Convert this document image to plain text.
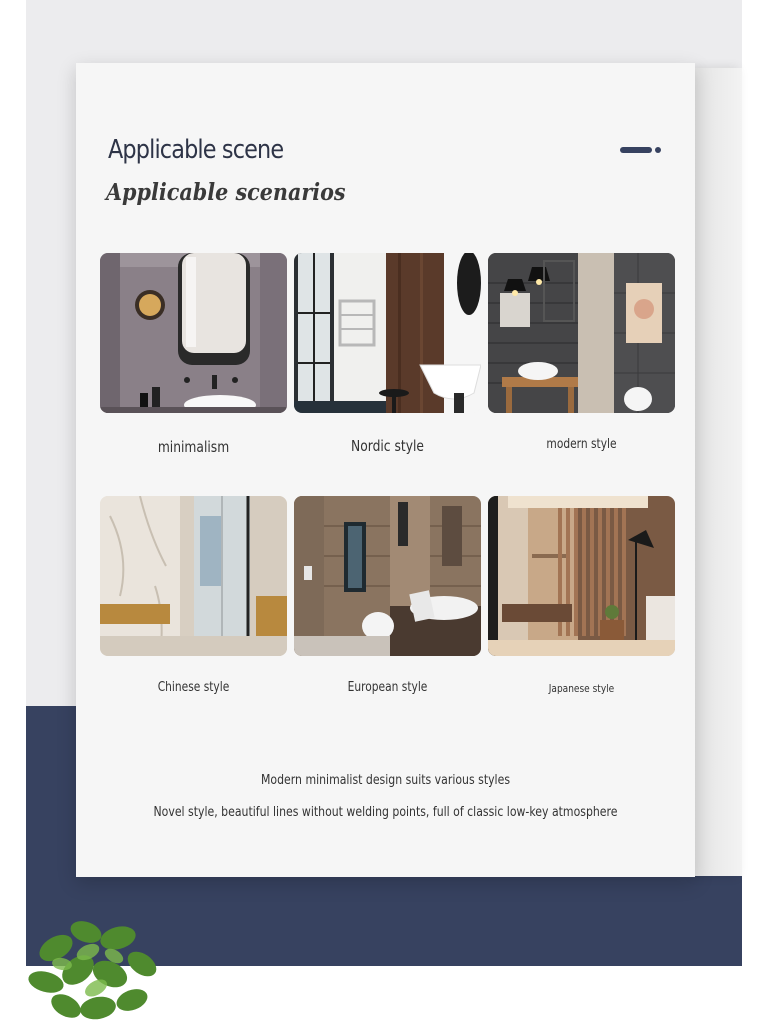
Applicable scene
Applicable scenarios
minimalism	Nordic style	modern style
Chinese style	European style	Japanese style
Modern minimalist design suits various styles
Novel style, beautiful lines without welding points, full of classic low-key atmosphere
